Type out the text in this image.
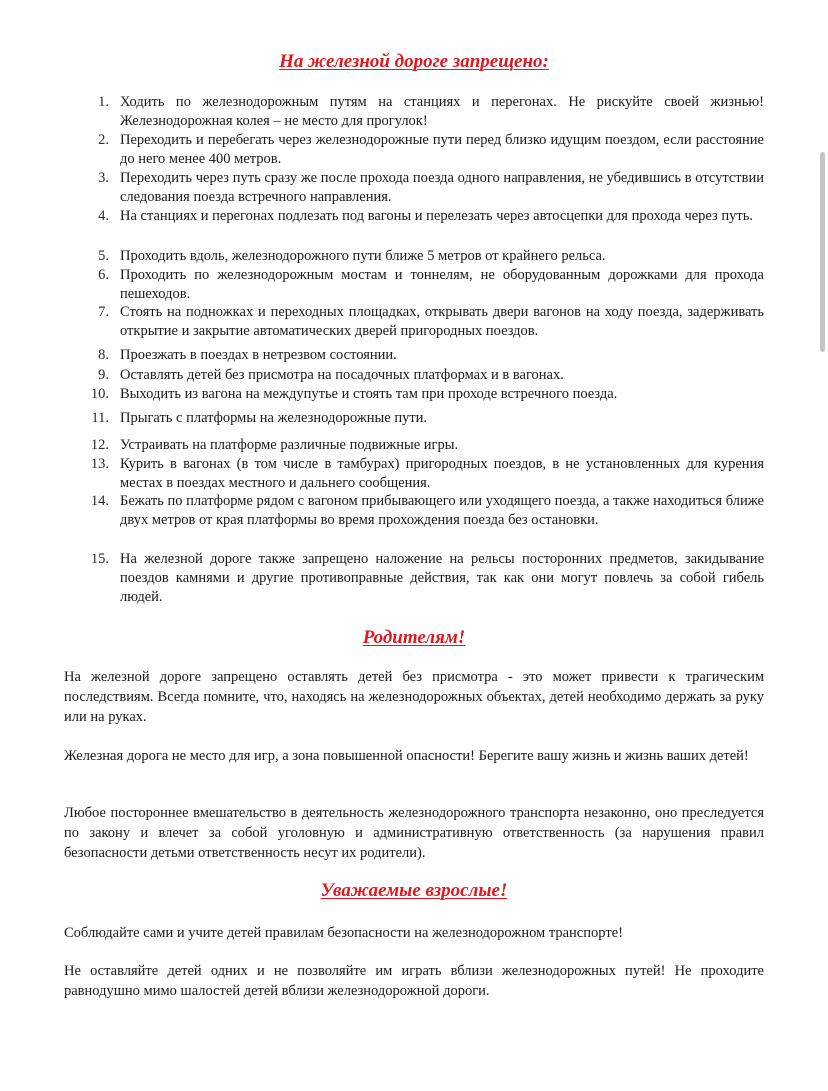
На железной дороге запрещено:
1. Ходить по железнодорожным путям на станциях и перегонах. Не рискуйте своей жизнью! Железнодорожная колея – не место для прогулок!
2. Переходить и перебегать через железнодорожные пути перед близко идущим поездом, если расстояние до него менее 400 метров.
3. Переходить через путь сразу же после прохода поезда одного направления, не убедившись в отсутствии следования поезда встречного направления.
4. На станциях и перегонах подлезать под вагоны и перелезать через автосцепки для прохода через путь.
5. Проходить вдоль, железнодорожного пути ближе 5 метров от крайнего рельса.
6. Проходить по железнодорожным мостам и тоннелям, не оборудованным дорожками для прохода пешеходов.
7. Стоять на подножках и переходных площадках, открывать двери вагонов на ходу поезда, задерживать открытие и закрытие автоматических дверей пригородных поездов.
8. Проезжать в поездах в нетрезвом состоянии.
9. Оставлять детей без присмотра на посадочных платформах и в вагонах.
10. Выходить из вагона на междупутье и стоять там при проходе встречного поезда.
11. Прыгать с платформы на железнодорожные пути.
12. Устраивать на платформе различные подвижные игры.
13. Курить в вагонах (в том числе в тамбурах) пригородных поездов, в не установленных для курения местах в поездах местного и дальнего сообщения.
14. Бежать по платформе рядом с вагоном прибывающего или уходящего поезда, а также находиться ближе двух метров от края платформы во время прохождения поезда без остановки.
15. На железной дороге также запрещено наложение на рельсы посторонних предметов, закидывание поездов камнями и другие противоправные действия, так как они могут повлечь за собой гибель людей.
Родителям!

На железной дороге запрещено оставлять детей без присмотра - это может привести к трагическим последствиям. Всегда помните, что, находясь на железнодорожных объектах, детей необходимо держать за руку или на руках.

Железная дорога не место для игр, а зона повышенной опасности! Берегите вашу жизнь и жизнь ваших детей!

Любое постороннее вмешательство в деятельность железнодорожного транспорта незаконно, оно преследуется по закону и влечет за собой уголовную и административную ответственность (за нарушения правил безопасности детьми ответственность несут их родители).

Уважаемые взрослые!

Соблюдайте сами и учите детей правилам безопасности на железнодорожном транспорте!

Не оставляйте детей одних и не позволяйте им играть вблизи железнодорожных путей! Не проходите равнодушно мимо шалостей детей вблизи железнодорожной дороги.
